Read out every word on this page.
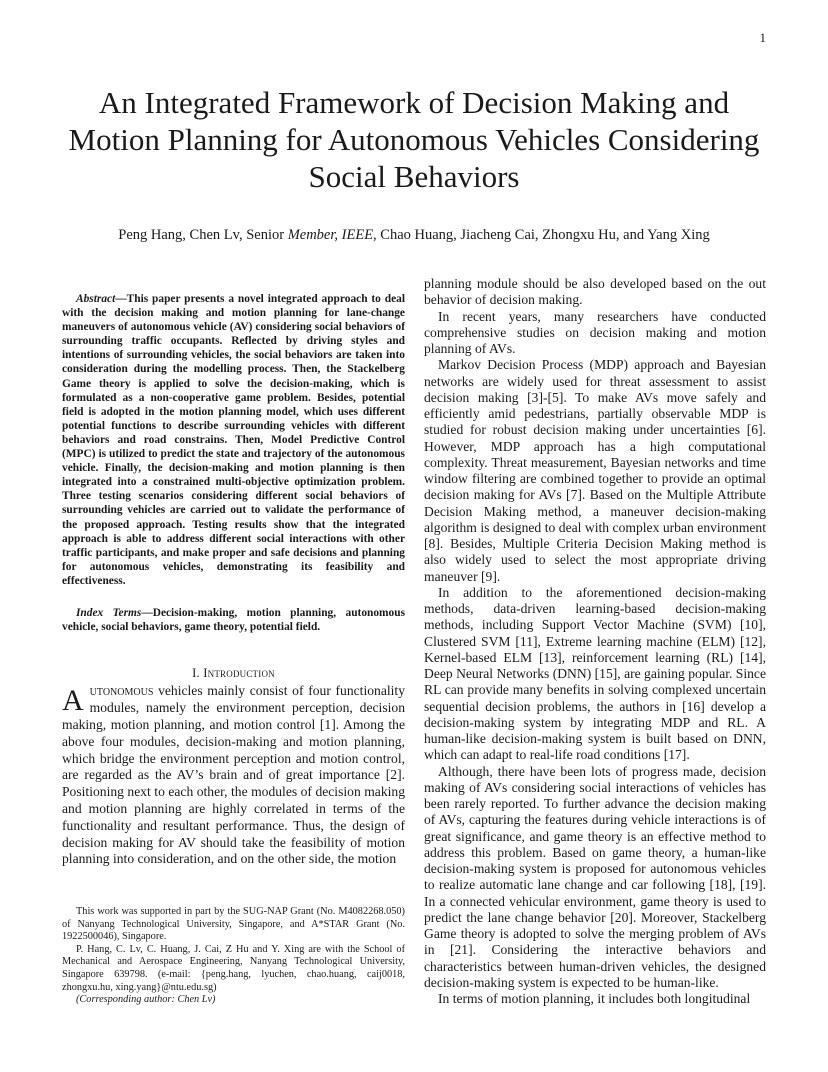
1
An Integrated Framework of Decision Making and Motion Planning for Autonomous Vehicles Considering Social Behaviors
Peng Hang, Chen Lv, Senior Member, IEEE, Chao Huang, Jiacheng Cai, Zhongxu Hu, and Yang Xing

Abstract—This paper presents a novel integrated approach to deal with the decision making and motion planning for lane-change maneuvers of autonomous vehicle (AV) considering social behaviors of surrounding traffic occupants. Reflected by driving styles and intentions of surrounding vehicles, the social behaviors are taken into consideration during the modelling process. Then, the Stackelberg Game theory is applied to solve the decision-making, which is formulated as a non-cooperative game problem. Besides, potential field is adopted in the motion planning model, which uses different potential functions to describe surrounding vehicles with different behaviors and road constrains. Then, Model Predictive Control (MPC) is utilized to predict the state and trajectory of the autonomous vehicle. Finally, the decision-making and motion planning is then integrated into a constrained multi-objective optimization problem. Three testing scenarios considering different social behaviors of surrounding vehicles are carried out to validate the performance of the proposed approach. Testing results show that the integrated approach is able to address different social interactions with other traffic participants, and make proper and safe decisions and planning for autonomous vehicles, demonstrating its feasibility and effectiveness.

Index Terms—Decision-making, motion planning, autonomous vehicle, social behaviors, game theory, potential field.

I. Introduction

Autonomous vehicles mainly consist of four functionality modules, namely the environment perception, decision making, motion planning, and motion control [1]. Among the above four modules, decision-making and motion planning, which bridge the environment perception and motion control, are regarded as the AV’s brain and of great importance [2]. Positioning next to each other, the modules of decision making and motion planning are highly correlated in terms of the functionality and resultant performance. Thus, the design of decision making for AV should take the feasibility of motion planning into consideration, and on the other side, the motion

This work was supported in part by the SUG-NAP Grant (No. M4082268.050) of Nanyang Technological University, Singapore, and A*STAR Grant (No. 1922500046), Singapore.

P. Hang, C. Lv, C. Huang, J. Cai, Z Hu and Y. Xing are with the School of Mechanical and Aerospace Engineering, Nanyang Technological University, Singapore 639798. (e-mail: {peng.hang, lyuchen, chao.huang, caij0018, zhongxu.hu, xing.yang}@ntu.edu.sg)

(Corresponding author: Chen Lv)

planning module should be also developed based on the out behavior of decision making.

In recent years, many researchers have conducted comprehensive studies on decision making and motion planning of AVs.

Markov Decision Process (MDP) approach and Bayesian networks are widely used for threat assessment to assist decision making [3]-[5]. To make AVs move safely and efficiently amid pedestrians, partially observable MDP is studied for robust decision making under uncertainties [6]. However, MDP approach has a high computational complexity. Threat measurement, Bayesian networks and time window filtering are combined together to provide an optimal decision making for AVs [7]. Based on the Multiple Attribute Decision Making method, a maneuver decision-making algorithm is designed to deal with complex urban environment [8]. Besides, Multiple Criteria Decision Making method is also widely used to select the most appropriate driving maneuver [9].

In addition to the aforementioned decision-making methods, data-driven learning-based decision-making methods, including Support Vector Machine (SVM) [10], Clustered SVM [11], Extreme learning machine (ELM) [12], Kernel-based ELM [13], reinforcement learning (RL) [14], Deep Neural Networks (DNN) [15], are gaining popular. Since RL can provide many benefits in solving complexed uncertain sequential decision problems, the authors in [16] develop a decision-making system by integrating MDP and RL. A human-like decision-making system is built based on DNN, which can adapt to real-life road conditions [17].

Although, there have been lots of progress made, decision making of AVs considering social interactions of vehicles has been rarely reported. To further advance the decision making of AVs, capturing the features during vehicle interactions is of great significance, and game theory is an effective method to address this problem. Based on game theory, a human-like decision-making system is proposed for autonomous vehicles to realize automatic lane change and car following [18], [19]. In a connected vehicular environment, game theory is used to predict the lane change behavior [20]. Moreover, Stackelberg Game theory is adopted to solve the merging problem of AVs in [21]. Considering the interactive behaviors and characteristics between human-driven vehicles, the designed decision-making system is expected to be human-like.

In terms of motion planning, it includes both longitudinal
